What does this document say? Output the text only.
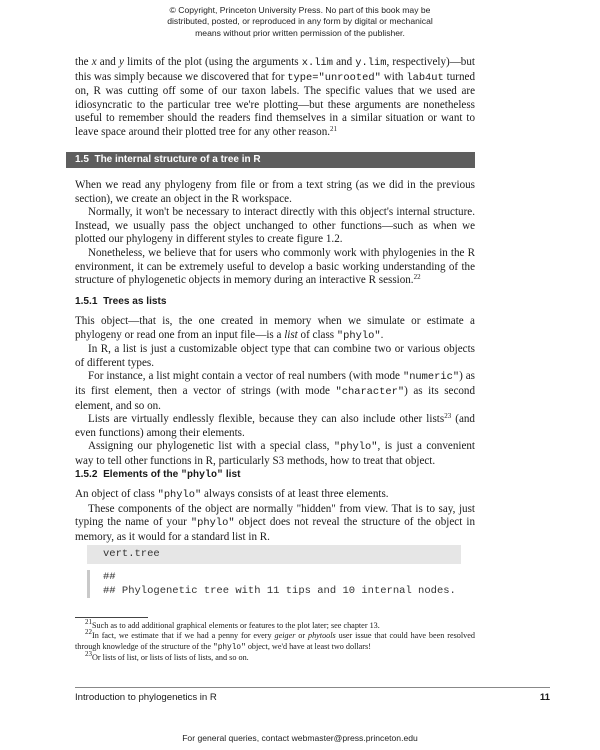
© Copyright, Princeton University Press. No part of this book may be
distributed, posted, or reproduced in any form by digital or mechanical
means without prior written permission of the publisher.

the x and y limits of the plot (using the arguments x.lim and y.lim, respectively)—but this was simply because we discovered that for type="unrooted" with lab4ut turned on, R was cutting off some of our taxon labels. The specific values that we used are idiosyncratic to the particular tree we're plotting—but these arguments are nonetheless useful to remember should the readers find themselves in a similar situation or want to leave space around their plotted tree for any other reason.$^{21}$

1.5 The internal structure of a tree in R

When we read any phylogeny from file or from a text string (as we did in the previous section), we create an object in the R workspace.

Normally, it won't be necessary to interact directly with this object's internal structure. Instead, we usually pass the object unchanged to other functions—such as when we plotted our phylogeny in different styles to create figure 1.2.

Nonetheless, we believe that for users who commonly work with phylogenies in the R environment, it can be extremely useful to develop a basic working understanding of the structure of phylogenetic objects in memory during an interactive R session.$^{22}$

1.5.1 Trees as lists

This object—that is, the one created in memory when we simulate or estimate a phylogeny or read one from an input file—is a list of class "phylo".

In R, a list is just a customizable object type that can combine two or various objects of different types.

For instance, a list might contain a vector of real numbers (with mode "numeric") as its first element, then a vector of strings (with mode "character") as its second element, and so on.

Lists are virtually endlessly flexible, because they can also include other lists$^{23}$ (and even functions) among their elements.

Assigning our phylogenetic list with a special class, "phylo", is just a convenient way to tell other functions in R, particularly S3 methods, how to treat that object.

1.5.2 Elements of the "phylo" list

An object of class "phylo" always consists of at least three elements.

These components of the object are normally "hidden" from view. That is to say, just typing the name of your "phylo" object does not reveal the structure of the object in memory, as it would for a standard list in R.

vert.tree
##
## Phylogenetic tree with 11 tips and 10 internal nodes.

$^{21}$Such as to add additional graphical elements or features to the plot later; see chapter 13.

$^{22}$In fact, we estimate that if we had a penny for every geiger or phytools user issue that could have been resolved through knowledge of the structure of the "phylo" object, we'd have at least two dollars!

$^{23}$Or lists of list, or lists of lists of lists, and so on.

Introduction to phylogenetics in R	11
For general queries, contact webmaster@press.princeton.edu
